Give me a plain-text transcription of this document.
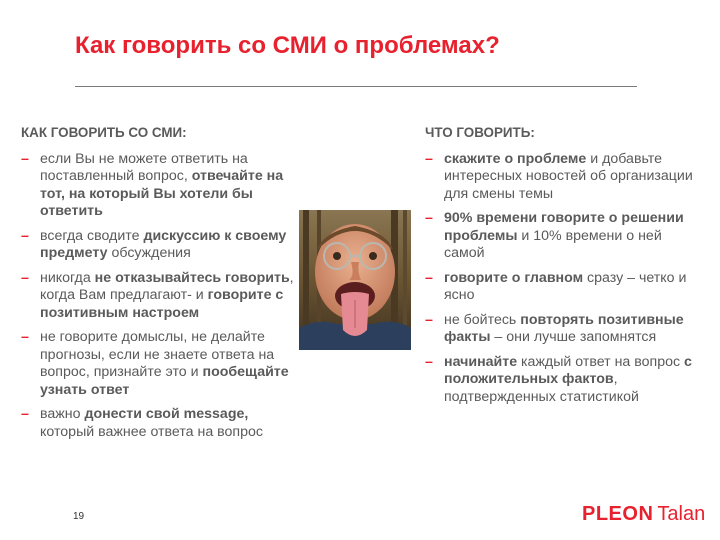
Как говорить со СМИ о проблемах?
КАК ГОВОРИТЬ СО СМИ:
– если Вы не можете ответить на поставленный вопрос, отвечайте на тот, на который Вы хотели бы ответить
– всегда сводите дискуссию к своему предмету обсуждения
– никогда не отказывайтесь говорить, когда Вам предлагают- и говорите с позитивным настроем
– не говорите домыслы, не делайте прогнозы, если не знаете ответа на вопрос, признайте это и пообещайте узнать ответ
– важно донести свой message, который важнее ответа на вопрос
ЧТО ГОВОРИТЬ:
– скажите о проблеме и добавьте интересных новостей об организации для смены темы
– 90% времени говорите о решении проблемы и 10% времени о ней самой
– говорите о главном сразу – четко и ясно
– не бойтесь повторять позитивные факты – они лучше запомнятся
– начинайте каждый ответ на вопрос с положительных фактов, подтвержденных статистикой
19	PLEON Talan
